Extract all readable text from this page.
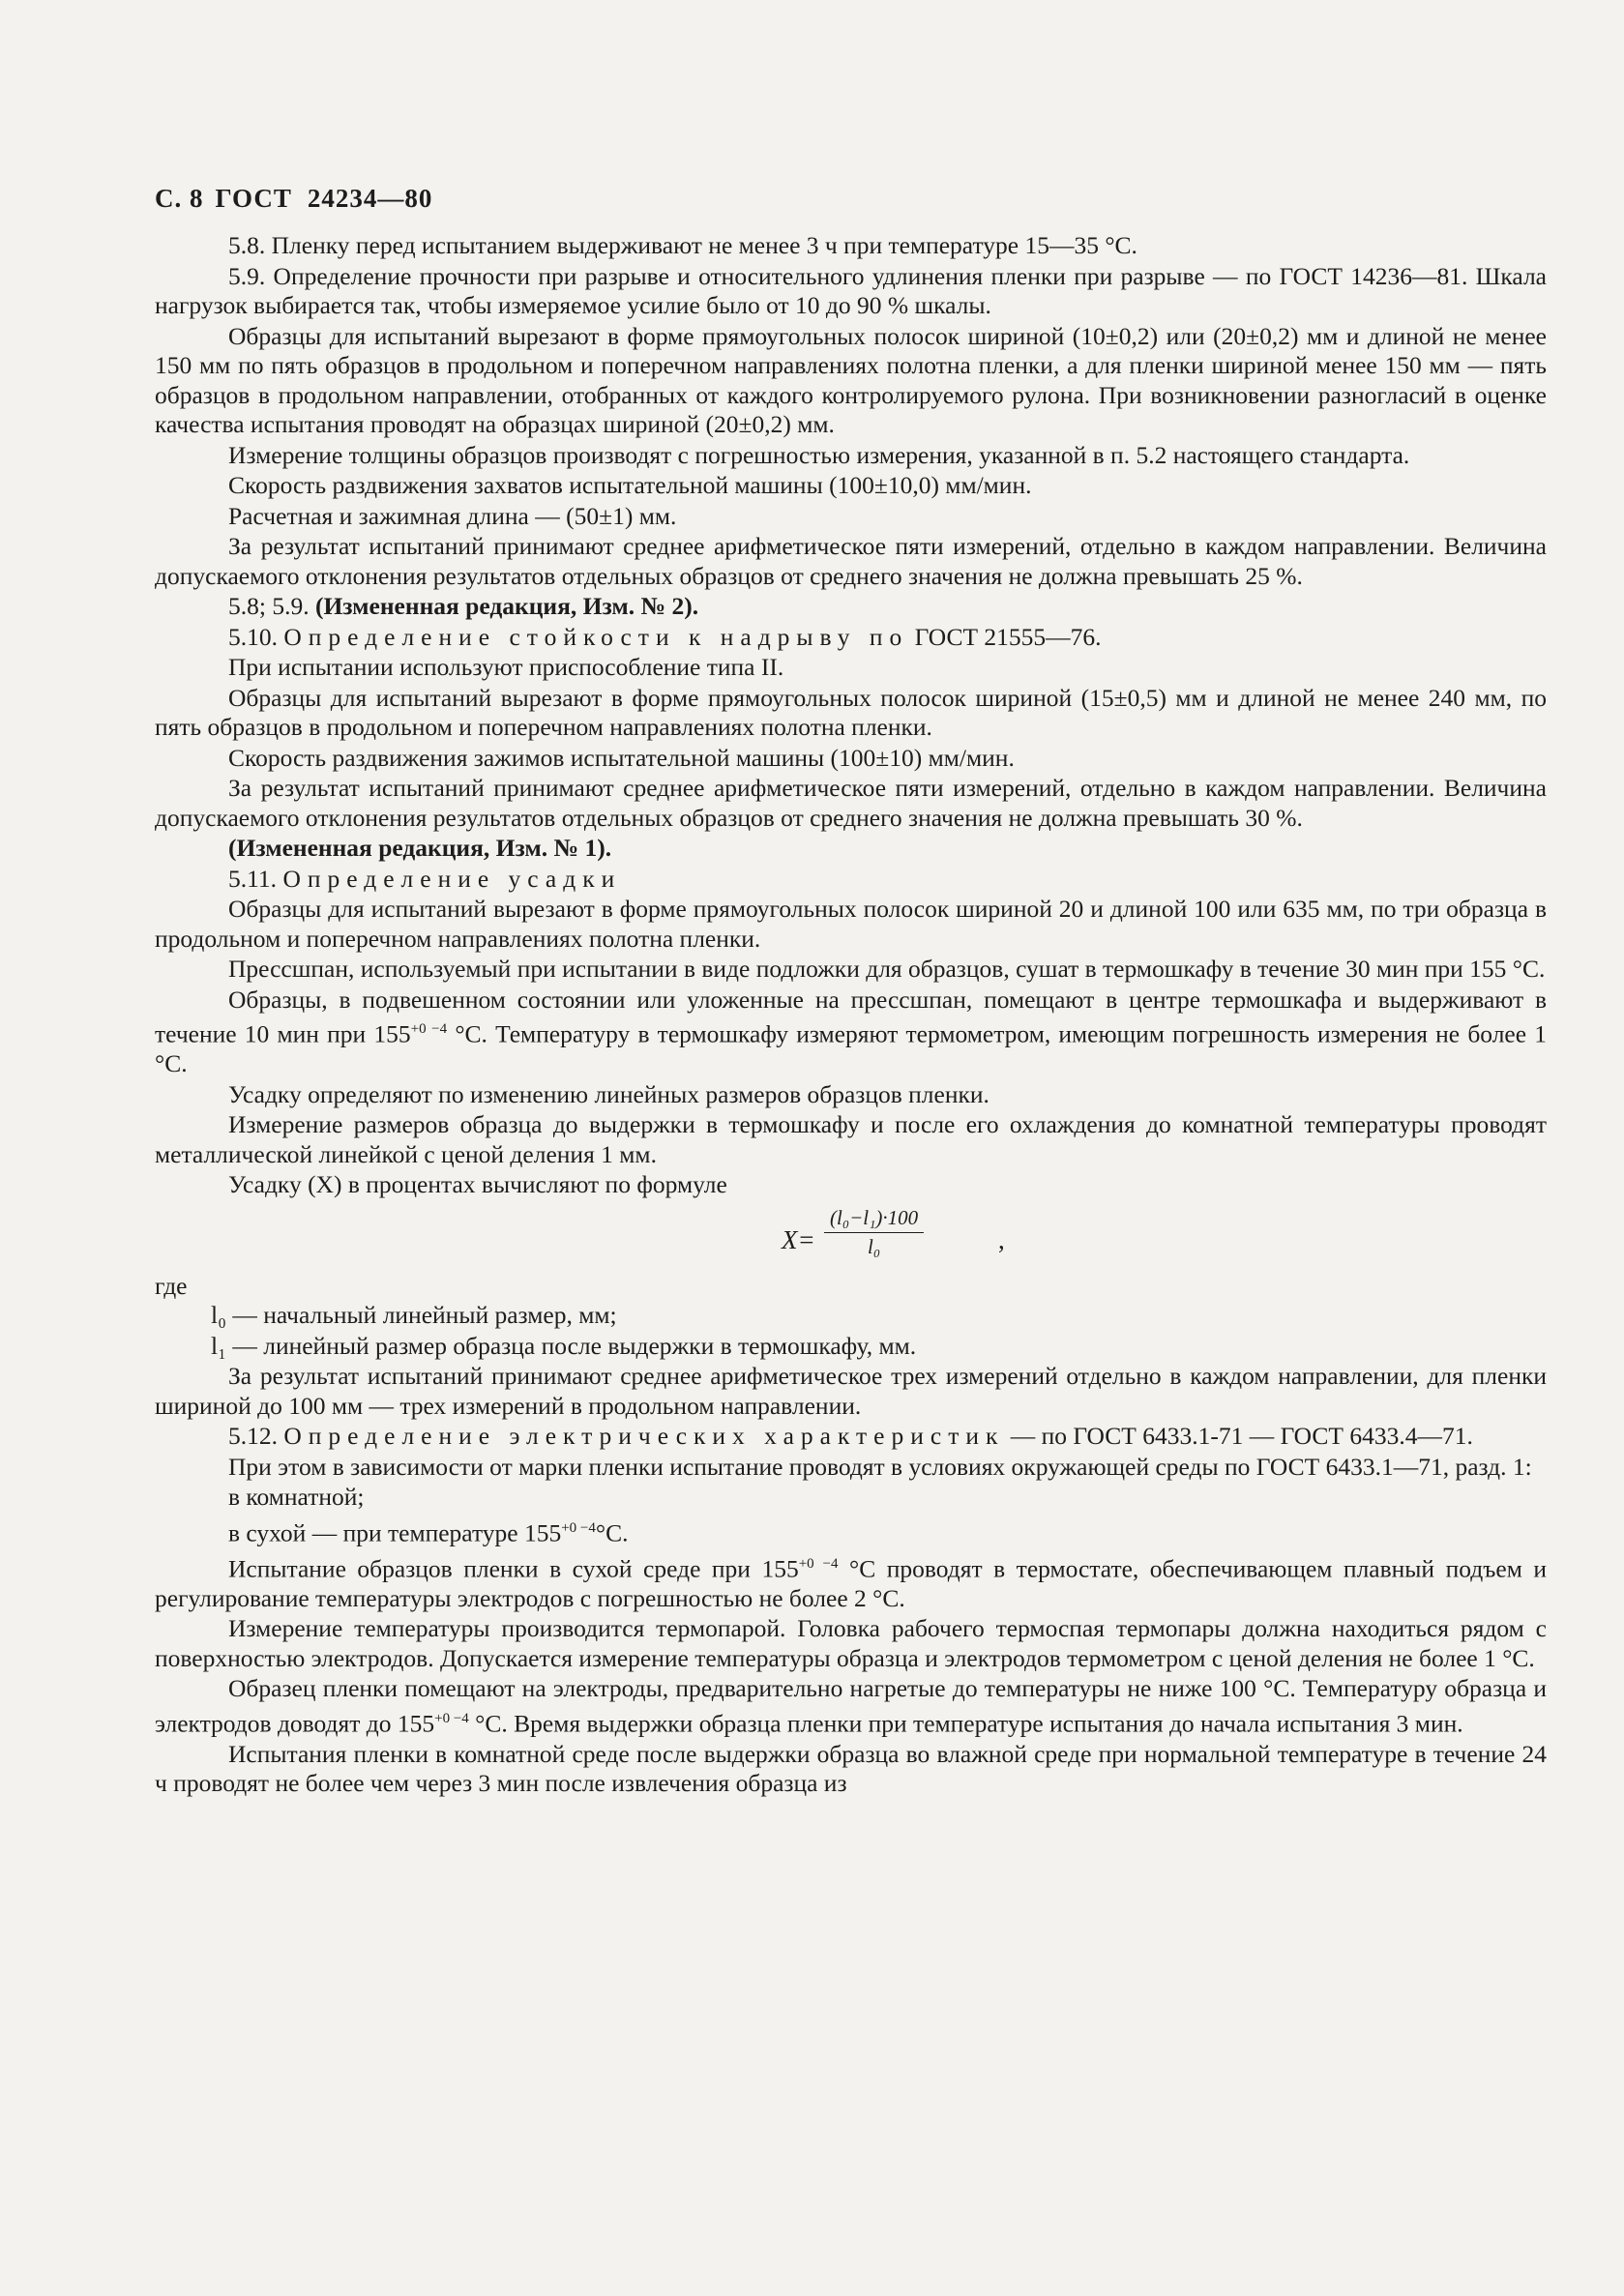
С. 8 ГОСТ 24234—80

5.8. Пленку перед испытанием выдерживают не менее 3 ч при температуре 15—35 °С.

5.9. Определение прочности при разрыве и относительного удлинения пленки при разрыве — по ГОСТ 14236—81. Шкала нагрузок выбирается так, чтобы измеряемое усилие было от 10 до 90 % шкалы.

Образцы для испытаний вырезают в форме прямоугольных полосок шириной (10±0,2) или (20±0,2) мм и длиной не менее 150 мм по пять образцов в продольном и поперечном направлениях полотна пленки, а для пленки шириной менее 150 мм — пять образцов в продольном направлении, отобранных от каждого контролируемого рулона. При возникновении разногласий в оценке качества испытания проводят на образцах шириной (20±0,2) мм.

Измерение толщины образцов производят с погрешностью измерения, указанной в п. 5.2 настоящего стандарта.

Скорость раздвижения захватов испытательной машины (100±10,0) мм/мин.

Расчетная и зажимная длина — (50±1) мм.

За результат испытаний принимают среднее арифметическое пяти измерений, отдельно в каждом направлении. Величина допускаемого отклонения результатов отдельных образцов от среднего значения не должна превышать 25 %.

5.8; 5.9. (Измененная редакция, Изм. № 2).

5.10. Определение стойкости к надрыву по ГОСТ 21555—76.

При испытании используют приспособление типа II.

Образцы для испытаний вырезают в форме прямоугольных полосок шириной (15±0,5) мм и длиной не менее 240 мм, по пять образцов в продольном и поперечном направлениях полотна пленки.

Скорость раздвижения зажимов испытательной машины (100±10) мм/мин.

За результат испытаний принимают среднее арифметическое пяти измерений, отдельно в каждом направлении. Величина допускаемого отклонения результатов отдельных образцов от среднего значения не должна превышать 30 %.

(Измененная редакция, Изм. № 1).

5.11. Определение усадки

Образцы для испытаний вырезают в форме прямоугольных полосок шириной 20 и длиной 100 или 635 мм, по три образца в продольном и поперечном направлениях полотна пленки.

Прессшпан, используемый при испытании в виде подложки для образцов, сушат в термошкафу в течение 30 мин при 155 °С.

Образцы, в подвешенном состоянии или уложенные на прессшпан, помещают в центре термошкафа и выдерживают в течение 10 мин при $155^{+0 -4}$ °С. Температуру в термошкафу измеряют термометром, имеющим погрешность измерения не более 1 °С.

Усадку определяют по изменению линейных размеров образцов пленки.

Измерение размеров образца до выдержки в термошкафу и после его охлаждения до комнатной температуры проводят металлической линейкой с ценой деления 1 мм.

Усадку (X) в процентах вычисляют по формуле

$X= \frac{\text{(l₀−l₁)·100}}{\text{l₀}}$	,

где

l₀ — начальный линейный размер, мм;

l₁ — линейный размер образца после выдержки в термошкафу, мм.

За результат испытаний принимают среднее арифметическое трех измерений отдельно в каждом направлении, для пленки шириной до 100 мм — трех измерений в продольном направлении.

5.12. Определение электрических характеристик — по ГОСТ 6433.1-71 — ГОСТ 6433.4—71.

При этом в зависимости от марки пленки испытание проводят в условиях окружающей среды по ГОСТ 6433.1—71, разд. 1:

в комнатной;

в сухой — при температуре $155^{+0 -4}^\circ С$.

Испытание образцов пленки в сухой среде при $155^{+0 -4}$ °С проводят в термостате, обеспечивающем плавный подъем и регулирование температуры электродов с погрешностью не более 2 °С.

Измерение температуры производится термопарой. Головка рабочего термоспая термопары должна находиться рядом с поверхностью электродов. Допускается измерение температуры образца и электродов термометром с ценой деления не более 1 °С.

Образец пленки помещают на электроды, предварительно нагретые до температуры не ниже 100 °С. Температуру образца и электродов доводят до $155^{+0 -4}$ °С. Время выдержки образца пленки при температуре испытания до начала испытания 3 мин.

Испытания пленки в комнатной среде после выдержки образца во влажной среде при нормальной температуре в течение 24 ч проводят не более чем через 3 мин после извлечения образца из
